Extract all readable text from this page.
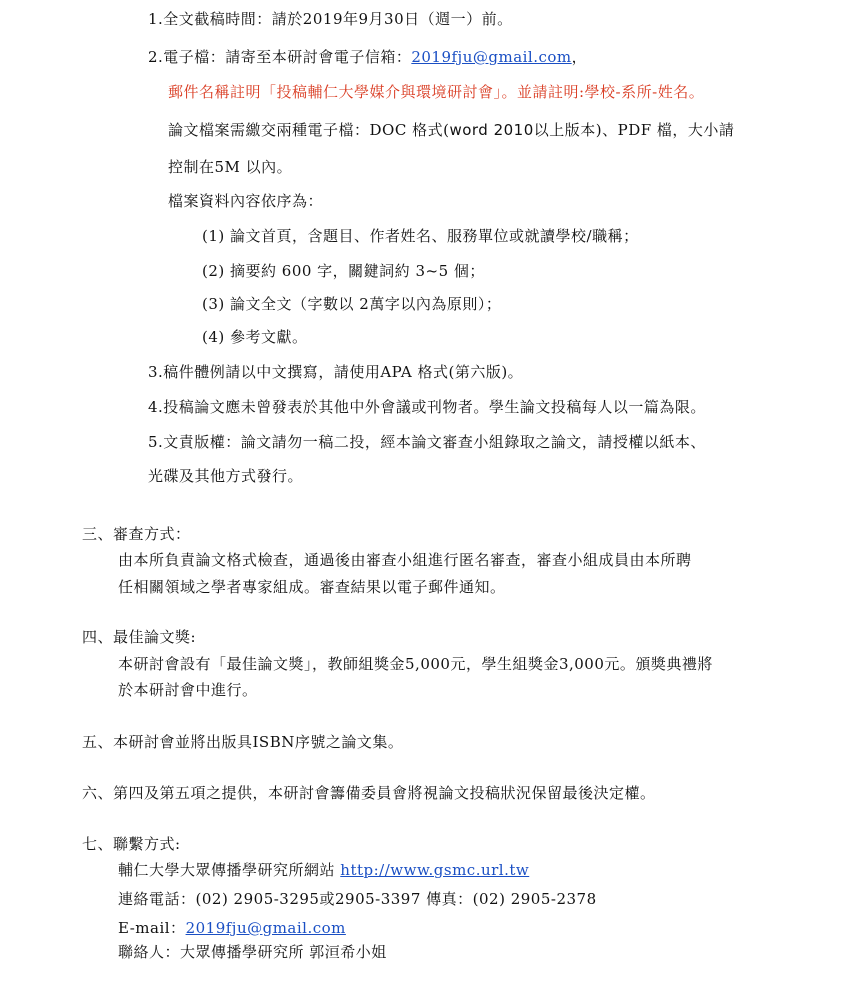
1.全文截稿時間：請於2019年9月30日（週一）前。
2.電子檔：請寄至本研討會電子信箱：2019fju@gmail.com，
郵件名稱註明「投稿輔仁大學媒介與環境研討會」。並請註明:學校-系所-姓名。
論文檔案需繳交兩種電子檔：DOC 格式(word 2010以上版本)、PDF 檔，大小請
控制在5M 以內。
檔案資料內容依序為：
(1) 論文首頁，含題目、作者姓名、服務單位或就讀學校/職稱；
(2) 摘要約 600 字，關鍵詞約 3~5 個；
(3) 論文全文（字數以 2萬字以內為原則）；
(4) 參考文獻。
3.稿件體例請以中文撰寫，請使用APA 格式(第六版)。
4.投稿論文應未曾發表於其他中外會議或刊物者。學生論文投稿每人以一篇為限。
5.文責版權：論文請勿一稿二投，經本論文審查小組錄取之論文，請授權以紙本、
光碟及其他方式發行。
三、審查方式：
由本所負責論文格式檢查，通過後由審查小組進行匿名審查，審查小組成員由本所聘
任相關領域之學者專家組成。審查結果以電子郵件通知。
四、最佳論文獎:
本研討會設有「最佳論文獎」，教師組獎金5,000元，學生組獎金3,000元。頒獎典禮將
於本研討會中進行。
五、本研討會並將出版具ISBN序號之論文集。
六、第四及第五項之提供，本研討會籌備委員會將視論文投稿狀況保留最後決定權。
七、聯繫方式:
輔仁大學大眾傳播學研究所網站 http://www.gsmc.url.tw
連絡電話：(02) 2905-3295或2905-3397 傳真：(02) 2905-2378
E-mail：2019fju@gmail.com
聯絡人：大眾傳播學研究所 郭洹希小姐
